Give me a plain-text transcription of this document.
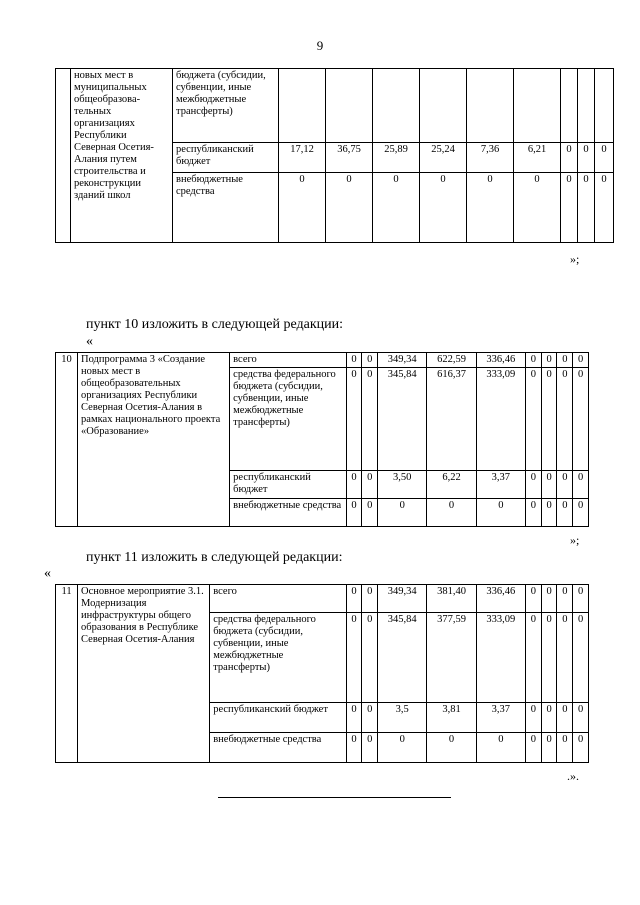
9
	новых мест в муниципальных общеобразова-тельных организациях Республики Северная Осетия-Алания путем строительства и реконструкции зданий школ	бюджета (субсидии, субвенции, иные межбюджетные трансферты)									
		республиканский бюджет	17,12	36,75	25,89	25,24	7,36	6,21	0	0	0
		внебюджетные средства	0	0	0	0	0	0	0	0	0
»;
пункт 10 изложить в следующей редакции:
«
10	Подпрограмма 3 «Создание новых мест в общеобразовательных организациях Республики Северная Осетия-Алания в рамках национального проекта «Образование»	всего	0	0	349,34	622,59	336,46	0	0	0	0
		средства федерального бюджета (субсидии, субвенции, иные межбюджетные трансферты)	0	0	345,84	616,37	333,09	0	0	0	0
		республиканский бюджет	0	0	3,50	6,22	3,37	0	0	0	0
		внебюджетные средства	0	0	0	0	0	0	0	0	0
»;
пункт 11 изложить в следующей редакции:
«
11	Основное мероприятие 3.1. Модернизация инфраструктуры общего образования в Республике Северная Осетия-Алания	всего	0	0	349,34	381,40	336,46	0	0	0	0
		средства федерального бюджета (субсидии, субвенции, иные межбюджетные трансферты)	0	0	345,84	377,59	333,09	0	0	0	0
		республиканский бюджет	0	0	3,5	3,81	3,37	0	0	0	0
		внебюджетные средства	0	0	0	0	0	0	0	0	0
.».
